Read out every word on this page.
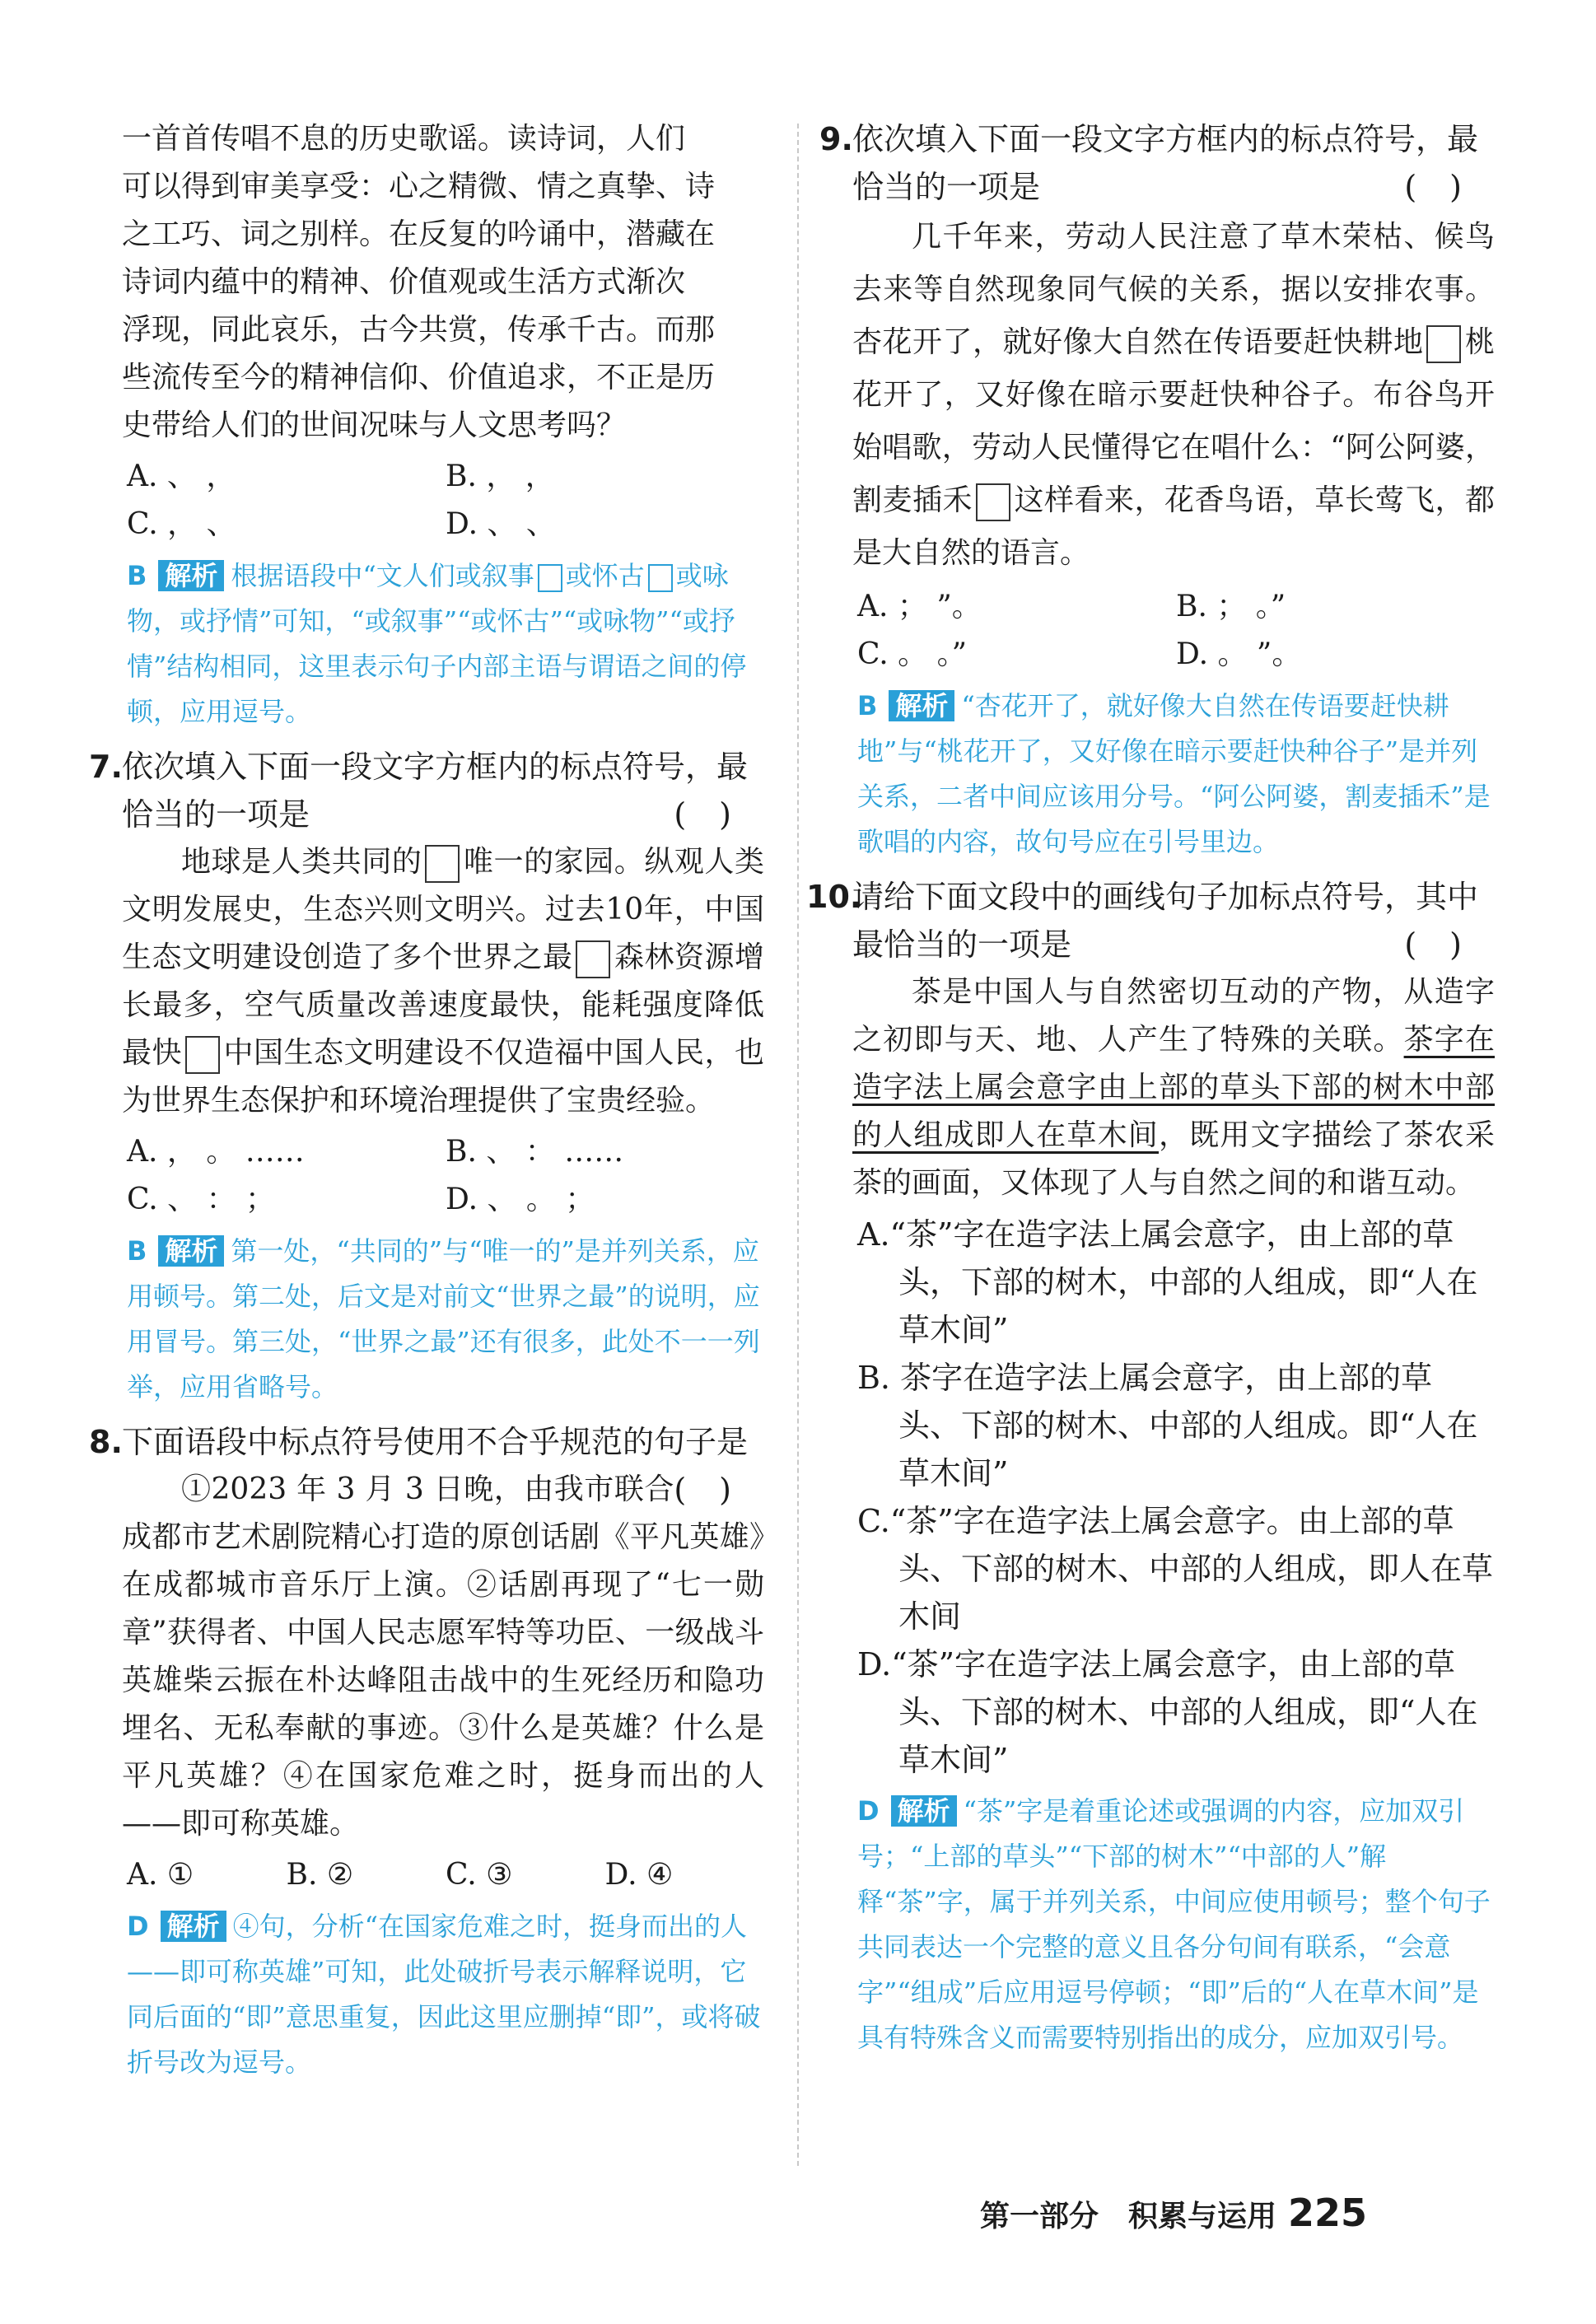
一首首传唱不息的历史歌谣。读诗词，人们

可以得到审美享受：心之精微、情之真挚、诗

之工巧、词之别样。在反复的吟诵中，潜藏在

诗词内蕴中的精神、价值观或生活方式渐次

浮现，同此哀乐，古今共赏，传承千古。而那

些流传至今的精神信仰、价值追求，不正是历

史带给人们的世间况味与人文思考吗？

A. 、 ，	B. ， ，
C. ， 、	D. 、 、
B 解析 根据语段中“文人们或叙事 或怀古 或咏物，或抒情”可知，“或叙事”“或怀古”“或咏物”“或抒情”结构相同，这里表示句子内部主语与谓语之间的停顿，应用逗号。
7. 依次填入下面一段文字方框内的标点符号，最恰当的一项是	()

地球是人类共同的 唯一的家园。纵观人类文明发展史，生态兴则文明兴。过去10年，中国生态文明建设创造了多个世界之最 森林资源增长最多，空气质量改善速度最快，能耗强度降低最快 中国生态文明建设不仅造福中国人民，也为世界生态保护和环境治理提供了宝贵经验。

A. ， 。 ……	B. 、 ： ……
C. 、 ： ；	D. 、 。 ；
B 解析 第一处，“共同的”与“唯一的”是并列关系，应用顿号。第二处，后文是对前文“世界之最”的说明，应用冒号。第三处，“世界之最”还有很多，此处不一一列举，应用省略号。
8. 下面语段中标点符号使用不合乎规范的句子是
()

①2023 年 3 月 3 日晚，由我市联合成都市艺术剧院精心打造的原创话剧《平凡英雄》在成都城市音乐厅上演。②话剧再现了“七一勋章”获得者、中国人民志愿军特等功臣、一级战斗英雄柴云振在朴达峰阻击战中的生死经历和隐功埋名、无私奉献的事迹。③什么是英雄？什么是平凡英雄？④在国家危难之时，挺身而出的人——即可称英雄。

A. ①	B. ②	C. ③	D. ④
D 解析 ④句，分析“在国家危难之时，挺身而出的人——即可称英雄”可知，此处破折号表示解释说明，它同后面的“即”意思重复，因此这里应删掉“即”，或将破折号改为逗号。
9. 依次填入下面一段文字方框内的标点符号，最恰当的一项是	()

几千年来，劳动人民注意了草木荣枯、候鸟去来等自然现象同气候的关系，据以安排农事。杏花开了，就好像大自然在传语要赶快耕地 桃花开了，又好像在暗示要赶快种谷子。布谷鸟开始唱歌，劳动人民懂得它在唱什么：“阿公阿婆，割麦插禾 这样看来，花香鸟语，草长莺飞，都是大自然的语言。

A. ； ”。	B. ； 。”
C. 。 。”	D. 。 ”。
B 解析 “杏花开了，就好像大自然在传语要赶快耕地”与“桃花开了，又好像在暗示要赶快种谷子”是并列关系，二者中间应该用分号。“阿公阿婆，割麦插禾”是歌唱的内容，故句号应在引号里边。
10.
请给下面文段中的画线句子加标点符号，其中最恰当的一项是	()

茶是中国人与自然密切互动的产物，从造字之初即与天、地、人产生了特殊的关联。茶字在造字法上属会意字由上部的草头下部的树木中部的人组成即人在草木间，既用文字描绘了茶农采茶的画面，又体现了人与自然之间的和谐互动。

A.“茶”字在造字法上属会意字，由上部的草头，下部的树木，中部的人组成，即“人在草木间”
B. 茶字在造字法上属会意字，由上部的草头、下部的树木、中部的人组成。即“人在草木间”
C.“茶”字在造字法上属会意字。由上部的草头、下部的树木、中部的人组成，即人在草木间
D.“茶”字在造字法上属会意字，由上部的草头、下部的树木、中部的人组成，即“人在草木间”
D 解析 “茶”字是着重论述或强调的内容，应加双引号；“上部的草头”“下部的树木”“中部的人”解释“茶”字，属于并列关系，中间应使用顿号；整个句子共同表达一个完整的意义且各分句间有联系，“会意字”“组成”后应用逗号停顿；“即”后的“人在草木间”是具有特殊含义而需要特别指出的成分，应加双引号。
第一部分　积累与运用 225
